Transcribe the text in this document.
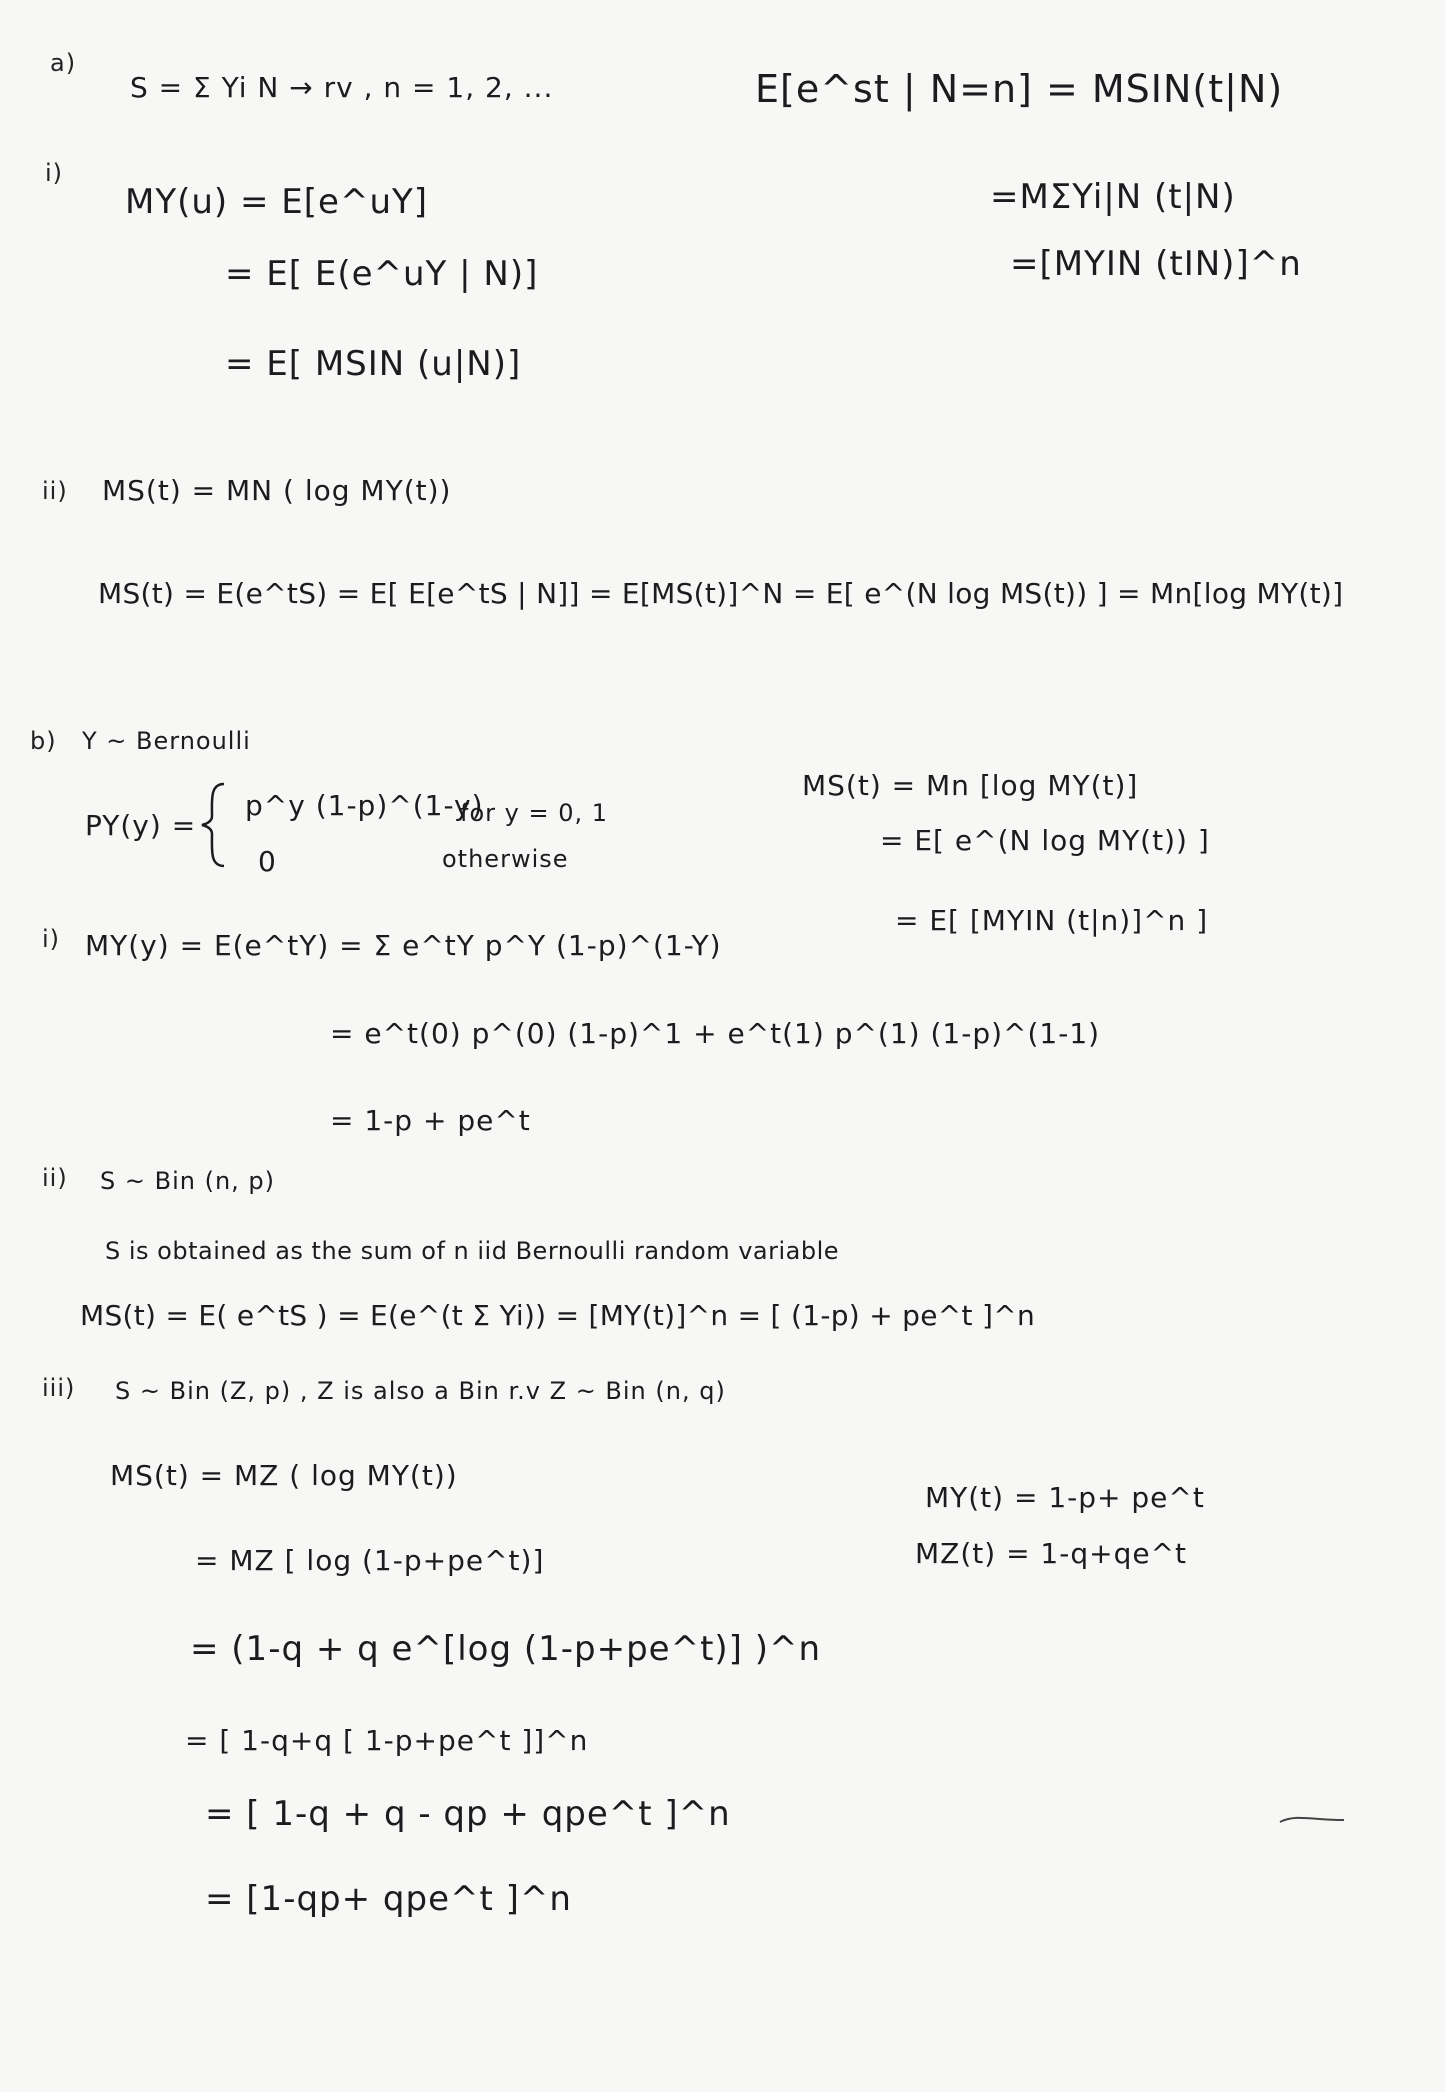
a)
S = Σ Yi N → rv , n = 1, 2, ...	E[e^st | N=n] = MSIN(t|N)
=MΣYi|N (t|N)
=[MYIN (tIN)]^n
i)
MY(u) = E[e^uY]
= E[ E(e^uY | N)]
= E[ MSIN (u|N)]
ii) MS(t) = MN ( log MY(t))
MS(t) = E(e^tS) = E[ E[e^tS | N]] = E[MS(t)]^N = E[ e^(N log MS(t)) ] = Mn[log MY(t)]
b) Y ~ Bernoulli
PY(y) =
p^y (1-p)^(1-y)
for y = 0, 1
0	otherwise
MS(t) = Mn [log MY(t)]
= E[ e^(N log MY(t)) ]
= E[ [MYIN (t|n)]^n ]
i) MY(y) = E(e^tY) = Σ e^tY p^Y (1-p)^(1-Y)
= e^t(0) p^(0) (1-p)^1 + e^t(1) p^(1) (1-p)^(1-1)
= 1-p + pe^t
ii) S ~ Bin (n, p)
S is obtained as the sum of n iid Bernoulli random variable
MS(t) = E( e^tS ) = E(e^(t Σ Yi)) = [MY(t)]^n = [ (1-p) + pe^t ]^n
iii) S ~ Bin (Z, p) , Z is also a Bin r.v Z ~ Bin (n, q)
MS(t) = MZ ( log MY(t))
= MZ [ log (1-p+pe^t)]
= (1-q + q e^[log (1-p+pe^t)] )^n
= [ 1-q+q [ 1-p+pe^t ]]^n
= [ 1-q + q - qp + qpe^t ]^n
= [1-qp+ qpe^t ]^n
MY(t) = 1-p+ pe^t
MZ(t) = 1-q+qe^t
